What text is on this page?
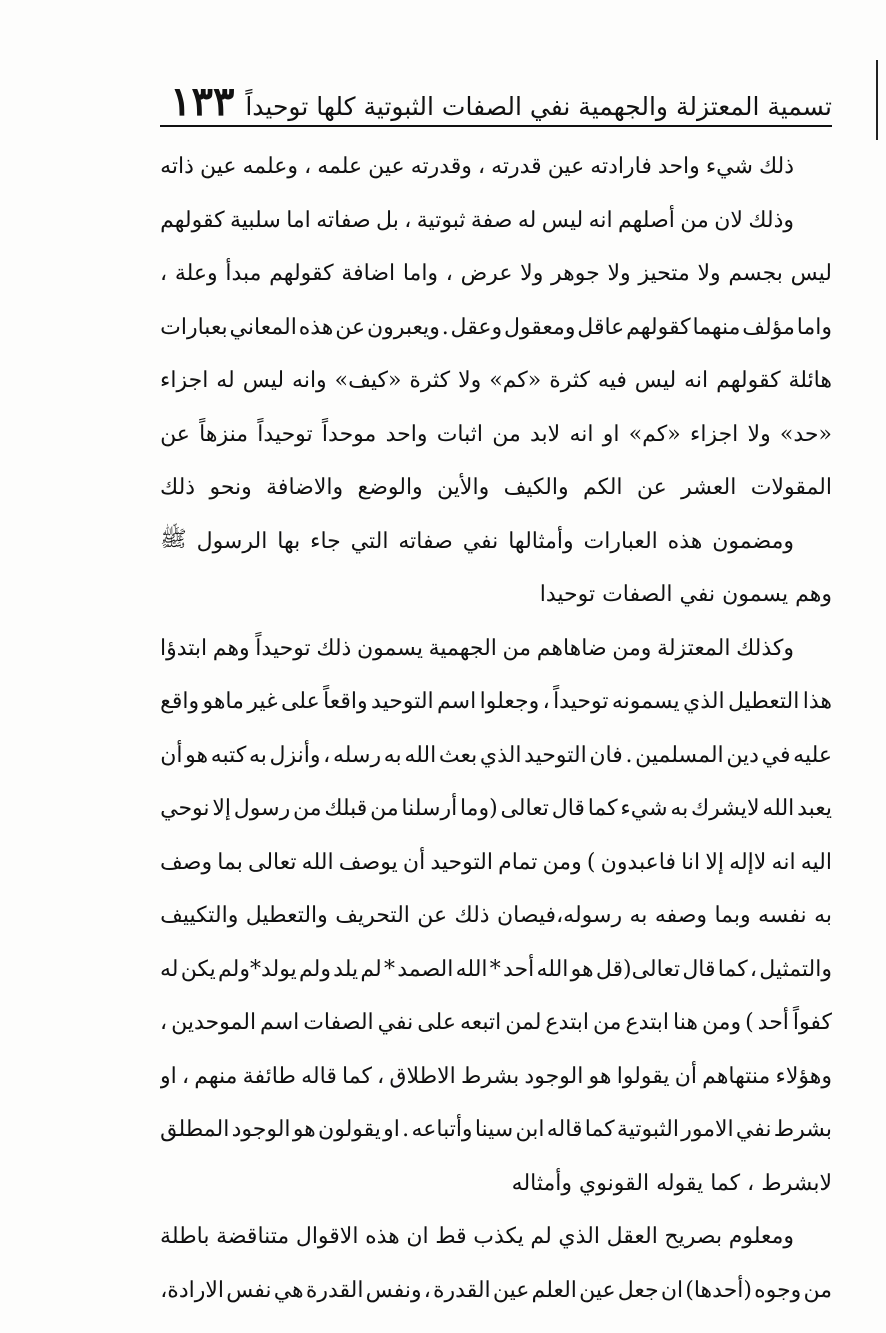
تسمية المعتزلة والجهمية نفي الصفات الثبوتية كلها توحيداً
١٣٣
ذلك
شيء
واحد
فارادته
عين
قدرته
،
وقدرته
عين
علمه
،
وعلمه
عين
ذاته
وذلك
لان
من
أصلهم
انه
ليس
له
صفة
ثبوتية
،
بل
صفاته
اما
سلبية
كقولهم
ليس
بجسم
ولا
متحيز
ولا
جوهر
ولا
عرض
،
واما
اضافة
كقولهم
مبدأ
وعلة
،
واما
مؤلف
منهما
كقولهم
عاقل
ومعقول
وعقل
.
ويعبرون
عن
هذه
المعاني
بعبارات
هائلة
كقولهم
انه
ليس
فيه
كثرة
«كم»
ولا
كثرة
«كيف»
وانه
ليس
له
اجزاء
«حد»
ولا
اجزاء
«كم»
او
انه
لابد
من
اثبات
واحد
موحداً
توحيداً
منزهاً
عن
المقولات
العشر
عن
الكم
والكيف
والأين
والوضع
والاضافة
ونحو
ذلك
ومضمون
هذه
العبارات
وأمثالها
نفي
صفاته
التي
جاء
بها
الرسول
ﷺ
وهم

يسمون

نفي

الصفات

توحيدا
وكذلك
المعتزلة
ومن
ضاهاهم
من
الجهمية
يسمون
ذلك
توحيداً
وهم
ابتدؤا
هذا
التعطيل
الذي
يسمونه
توحيداً
،
وجعلوا
اسم
التوحيد
واقعاً
على
غير
ماهو
واقع
عليه
في
دين
المسلمين
.
فان
التوحيد
الذي
بعث
الله
به
رسله
،
وأنزل
به
كتبه
هو
أن
يعبد
الله
لايشرك
به
شيء
كما
قال
تعالى
(وما
أرسلنا
من
قبلك
من
رسول
إلا
نوحي
اليه
انه
لاإله
إلا
انا
فاعبدون
)
ومن
تمام
التوحيد
أن
يوصف
الله
تعالى
بما
وصف
به
نفسه
وبما
وصفه
به
رسوله،فيصان
ذلك
عن
التحريف
والتعطيل
والتكييف
والتمثيل
،
كما
قال
تعالى(قل
هو
الله
أحد
*
الله
الصمد
*
لم
يلد
ولم
يولد*ولم
يكن
له
كفواً
أحد
)
ومن
هنا
ابتدع
من
ابتدع
لمن
اتبعه
على
نفي
الصفات
اسم
الموحدين
،
وهؤلاء
منتهاهم
أن
يقولوا
هو
الوجود
بشرط
الاطلاق
،
كما
قاله
طائفة
منهم
،
او
بشرط
نفي
الامور
الثبوتية
كما
قاله
ابن
سينا
وأتباعه
.
او
يقولون
هو
الوجود
المطلق
لابشرط

،

كما

يقوله

القونوي

وأمثاله
ومعلوم
بصريح
العقل
الذي
لم
يكذب
قط
ان
هذه
الاقوال
متناقضة
باطلة
من
وجوه
(أحدها)
ان
جعل
عين
العلم
عين
القدرة
،
ونفس
القدرة
هي
نفس
الارادة،
